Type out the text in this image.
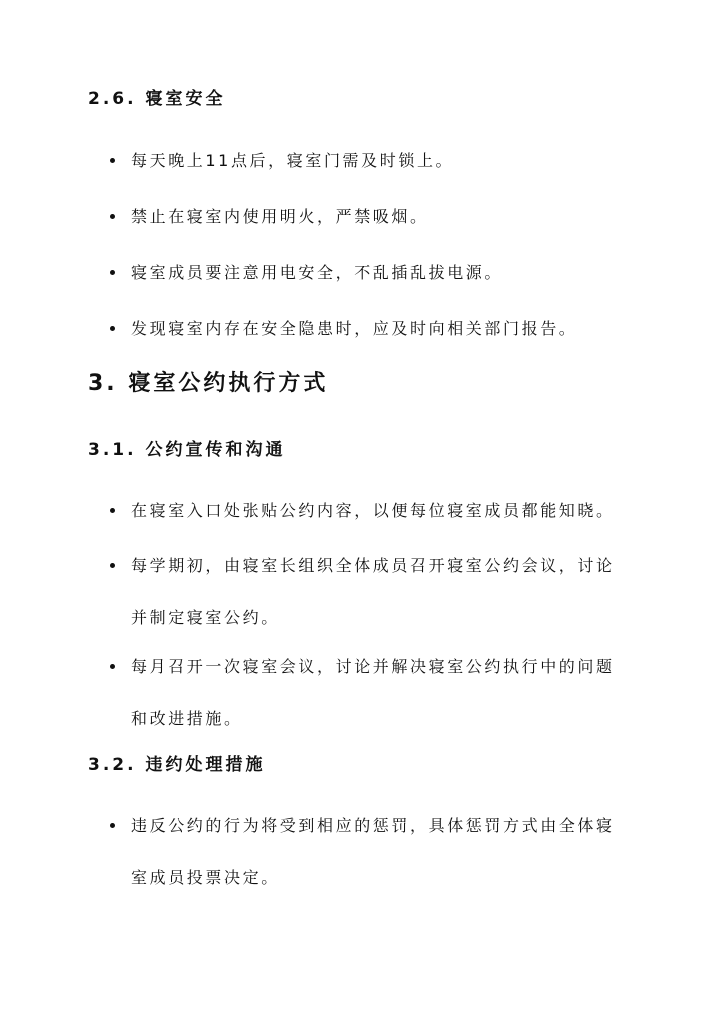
2.6. 寝室安全
每天晚上11点后，寝室门需及时锁上。
禁止在寝室内使用明火，严禁吸烟。
寝室成员要注意用电安全，不乱插乱拔电源。
发现寝室内存在安全隐患时，应及时向相关部门报告。
3. 寝室公约执行方式
3.1. 公约宣传和沟通
在寝室入口处张贴公约内容，以便每位寝室成员都能知晓。
每学期初，由寝室长组织全体成员召开寝室公约会议，讨论
并制定寝室公约。
每月召开一次寝室会议，讨论并解决寝室公约执行中的问题
和改进措施。
3.2. 违约处理措施
违反公约的行为将受到相应的惩罚，具体惩罚方式由全体寝
室成员投票决定。
